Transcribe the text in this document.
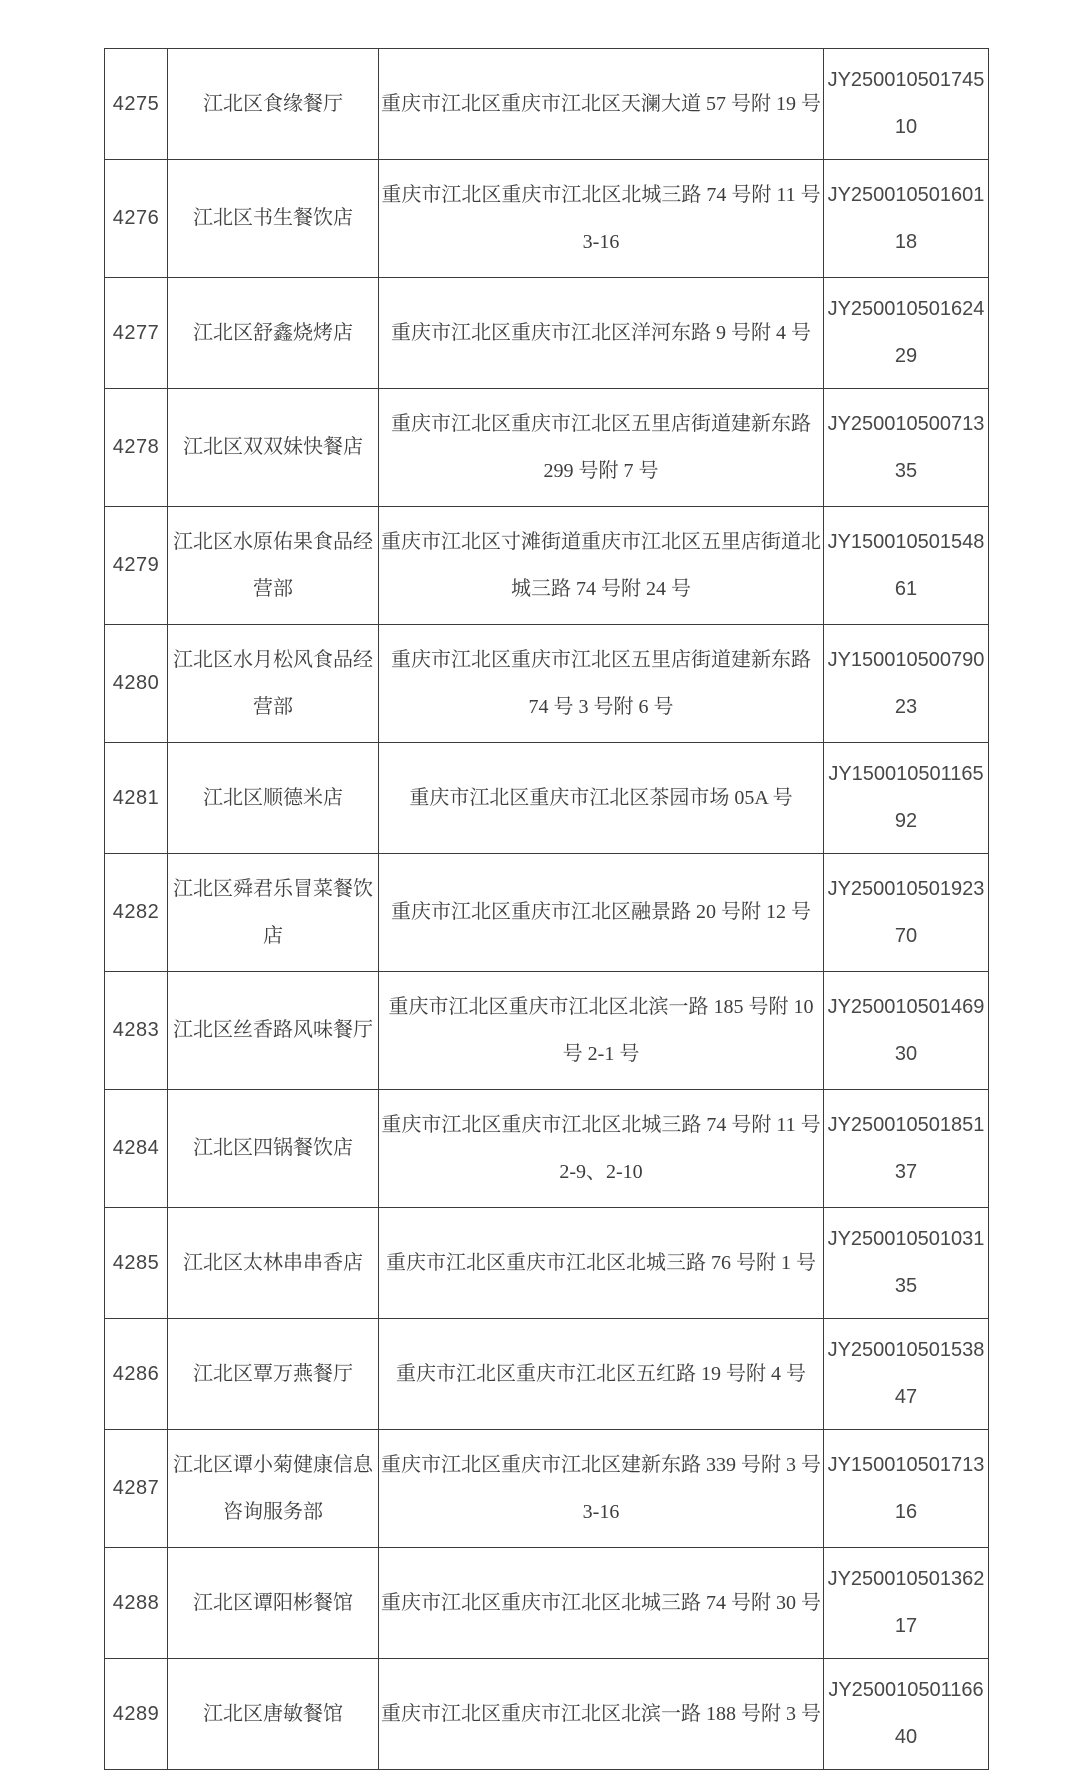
4275	江北区食缘餐厅	重庆市江北区重庆市江北区天澜大道 57 号附 19 号	JY25001050174510
4276	江北区书生餐饮店	重庆市江北区重庆市江北区北城三路 74 号附 11 号 3-16	JY25001050160118
4277	江北区舒鑫烧烤店	重庆市江北区重庆市江北区洋河东路 9 号附 4 号	JY25001050162429
4278	江北区双双妹快餐店	重庆市江北区重庆市江北区五里店街道建新东路 299 号附 7 号	JY25001050071335
4279	江北区水原佑果食品经营部	重庆市江北区寸滩街道重庆市江北区五里店街道北城三路 74 号附 24 号	JY15001050154861
4280	江北区水月松风食品经营部	重庆市江北区重庆市江北区五里店街道建新东路 74 号 3 号附 6 号	JY15001050079023
4281	江北区顺德米店	重庆市江北区重庆市江北区茶园市场 05A 号	JY15001050116592
4282	江北区舜君乐冒菜餐饮店	重庆市江北区重庆市江北区融景路 20 号附 12 号	JY25001050192370
4283	江北区丝香路风味餐厅	重庆市江北区重庆市江北区北滨一路 185 号附 10 号 2-1 号	JY25001050146930
4284	江北区四锅餐饮店	重庆市江北区重庆市江北区北城三路 74 号附 11 号 2-9、2-10	JY25001050185137
4285	江北区太林串串香店	重庆市江北区重庆市江北区北城三路 76 号附 1 号	JY25001050103135
4286	江北区覃万燕餐厅	重庆市江北区重庆市江北区五红路 19 号附 4 号	JY25001050153847
4287	江北区谭小菊健康信息咨询服务部	重庆市江北区重庆市江北区建新东路 339 号附 3 号 3-16	JY15001050171316
4288	江北区谭阳彬餐馆	重庆市江北区重庆市江北区北城三路 74 号附 30 号	JY25001050136217
4289	江北区唐敏餐馆	重庆市江北区重庆市江北区北滨一路 188 号附 3 号	JY25001050116640
